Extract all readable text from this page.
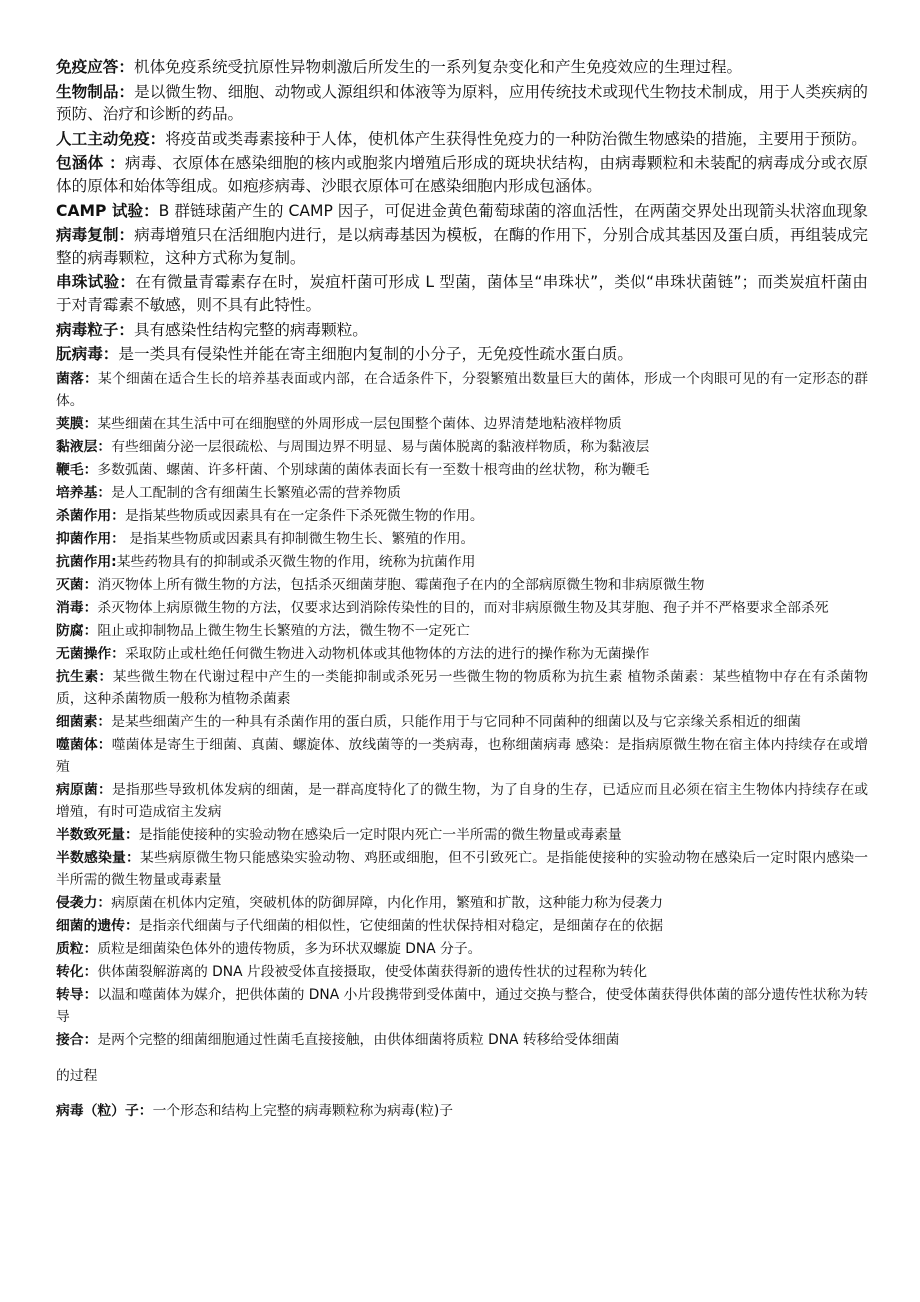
免疫应答：机体免疫系统受抗原性异物刺激后所发生的一系列复杂变化和产生免疫效应的生理过程。

生物制品：是以微生物、细胞、动物或人源组织和体液等为原料，应用传统技术或现代生物技术制成，用于人类疾病的预防、治疗和诊断的药品。

人工主动免疫：将疫苗或类毒素接种于人体，使机体产生获得性免疫力的一种防治微生物感染的措施，主要用于预防。

包涵体 ：病毒、衣原体在感染细胞的核内或胞浆内增殖后形成的斑块状结构，由病毒颗粒和未装配的病毒成分或衣原体的原体和始体等组成。如疱疹病毒、沙眼衣原体可在感染细胞内形成包涵体。

CAMP 试验：B 群链球菌产生的 CAMP 因子，可促进金黄色葡萄球菌的溶血活性，在两菌交界处出现箭头状溶血现象

病毒复制：病毒增殖只在活细胞内进行，是以病毒基因为模板，在酶的作用下，分别合成其基因及蛋白质，再组装成完整的病毒颗粒，这种方式称为复制。

串珠试验：在有微量青霉素存在时，炭疽杆菌可形成 L 型菌，菌体呈“串珠状”，类似“串珠状菌链”；而类炭疽杆菌由于对青霉素不敏感，则不具有此特性。

病毒粒子：具有感染性结构完整的病毒颗粒。

朊病毒：是一类具有侵染性并能在寄主细胞内复制的小分子，无免疫性疏水蛋白质。

菌落：某个细菌在适合生长的培养基表面或内部，在合适条件下，分裂繁殖出数量巨大的菌体，形成一个肉眼可见的有一定形态的群体。

荚膜：某些细菌在其生活中可在细胞壁的外周形成一层包围整个菌体、边界清楚地粘液样物质

黏液层：有些细菌分泌一层很疏松、与周围边界不明显、易与菌体脱离的黏液样物质，称为黏液层

鞭毛：多数弧菌、螺菌、许多杆菌、个别球菌的菌体表面长有一至数十根弯曲的丝状物，称为鞭毛

培养基：是人工配制的含有细菌生长繁殖必需的营养物质

杀菌作用：是指某些物质或因素具有在一定条件下杀死微生物的作用。

抑菌作用： 是指某些物质或因素具有抑制微生物生长、繁殖的作用。

抗菌作用:某些药物具有的抑制或杀灭微生物的作用，统称为抗菌作用

灭菌：消灭物体上所有微生物的方法，包括杀灭细菌芽胞、霉菌孢子在内的全部病原微生物和非病原微生物

消毒：杀灭物体上病原微生物的方法，仅要求达到消除传染性的目的，而对非病原微生物及其芽胞、孢子并不严格要求全部杀死

防腐：阻止或抑制物品上微生物生长繁殖的方法，微生物不一定死亡

无菌操作：采取防止或杜绝任何微生物进入动物机体或其他物体的方法的进行的操作称为无菌操作

抗生素：某些微生物在代谢过程中产生的一类能抑制或杀死另一些微生物的物质称为抗生素 植物杀菌素：某些植物中存在有杀菌物质，这种杀菌物质一般称为植物杀菌素

细菌素：是某些细菌产生的一种具有杀菌作用的蛋白质，只能作用于与它同种不同菌种的细菌以及与它亲缘关系相近的细菌

噬菌体：噬菌体是寄生于细菌、真菌、螺旋体、放线菌等的一类病毒，也称细菌病毒 感染：是指病原微生物在宿主体内持续存在或增殖

病原菌：是指那些导致机体发病的细菌，是一群高度特化了的微生物，为了自身的生存，已适应而且必须在宿主生物体内持续存在或增殖，有时可造成宿主发病

半数致死量：是指能使接种的实验动物在感染后一定时限内死亡一半所需的微生物量或毒素量

半数感染量：某些病原微生物只能感染实验动物、鸡胚或细胞，但不引致死亡。是指能使接种的实验动物在感染后一定时限内感染一半所需的微生物量或毒素量

侵袭力：病原菌在机体内定殖，突破机体的防御屏障，内化作用，繁殖和扩散，这种能力称为侵袭力

细菌的遗传：是指亲代细菌与子代细菌的相似性，它使细菌的性状保持相对稳定，是细菌存在的依据

质粒：质粒是细菌染色体外的遗传物质，多为环状双螺旋 DNA 分子。

转化：供体菌裂解游离的 DNA 片段被受体直接摄取，使受体菌获得新的遗传性状的过程称为转化

转导：以温和噬菌体为媒介，把供体菌的 DNA 小片段携带到受体菌中，通过交换与整合，使受体菌获得供体菌的部分遗传性状称为转导

接合：是两个完整的细菌细胞通过性菌毛直接接触，由供体细菌将质粒 DNA 转移给受体细菌

的过程

病毒（粒）子：一个形态和结构上完整的病毒颗粒称为病毒(粒)子
